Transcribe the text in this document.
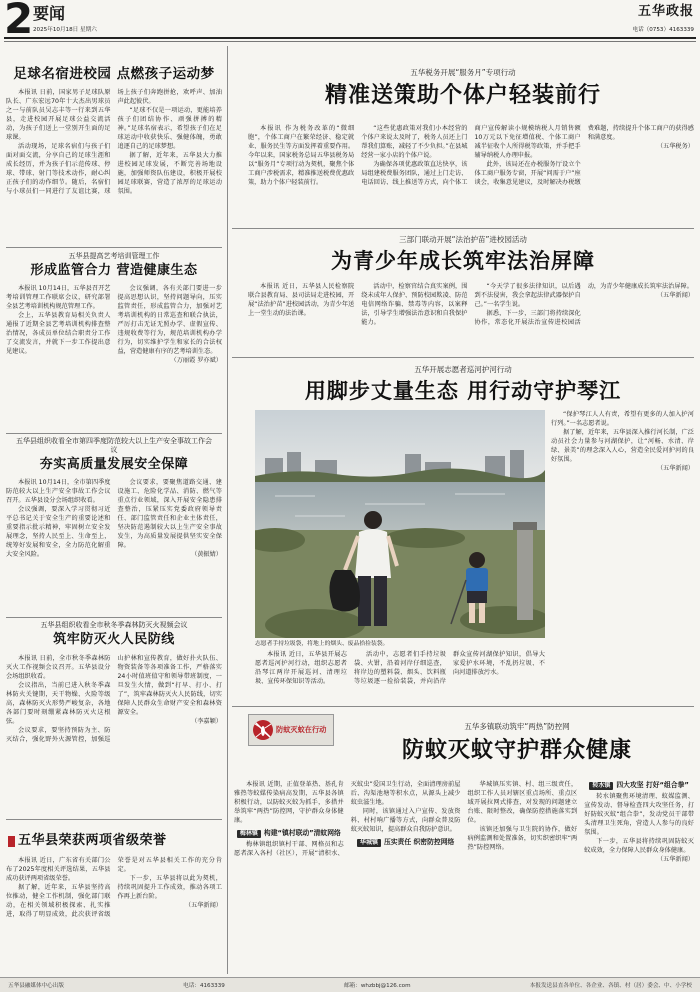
2 要闻
2025年10月18日 星期六
五华政报
电话（0753）4163339
足球名宿进校园 点燃孩子运动梦

本报讯 日前，国家男子足球队原队长、广东宏远70年十大杰出男球员之一与前队员吴志丰等一行来到五华县，走进校园开展足球公益交流活动，为孩子们送上一堂别开生面的足球课。

活动现场，足球名宿们与孩子们面对面交流，分享自己的足球生涯和成长经历，并为孩子们示范传球、停球、带球、射门等技术动作，耐心纠正孩子们的动作细节。随后，名宿们与小球员们一同进行了友谊比赛，球场上孩子们奔跑拼抢，欢呼声、加油声此起彼伏。

“足球不仅是一项运动，更能培养孩子们团结协作、顽强拼搏的精神。”足球名宿表示，希望孩子们在足球运动中收获快乐、强健体魄，勇敢追逐自己的足球梦想。

据了解，近年来，五华县大力推进校园足球发展，不断完善场地设施，加强师资队伍建设，积极开展校园足球联赛，营造了浓厚的足球运动氛围。

五华县提高艺考培训管理工作
形成监管合力 营造健康生态

本报讯 10月14日，五华县召开艺考培训管理工作联席会议，研究部署全县艺考培训机构规范管理工作。

会上，五华县教育局相关负责人通报了近期全县艺考培训机构排查整治情况，各成员单位结合职责分工作了交流发言，并就下一步工作提出意见建议。

会议强调，各有关部门要进一步提高思想认识，坚持问题导向，压实监管责任，形成监管合力，加强对艺考培训机构的日常巡查和联合执法，严厉打击无证无照办学、虚假宣传、违规收费等行为，规范培训机构办学行为，切实维护学生和家长的合法权益，营造健康有序的艺考培训生态。

（万丽霞 罗亦斌）

五华县组织收看全市第四季度防范较大以上生产安全事故工作会议
夯实高质量发展安全保障

本报讯 10月14日，全市第四季度防范较大以上生产安全事故工作会议召开。五华县设分会场组织收看。

会议强调，要深入学习贯彻习近平总书记关于安全生产的重要论述和重要指示批示精神，牢固树立安全发展理念，坚持人民至上、生命至上，统筹好发展和安全，全力防范化解重大安全风险。

会议要求，要聚焦道路交通、建设施工、危险化学品、消防、燃气等重点行业领域，深入开展安全隐患排查整治，压紧压实党委政府领导责任、部门监管责任和企业主体责任，坚决防范遏制较大以上生产安全事故发生，为高质量发展提供坚实安全保障。

（黄振婧）

五华县组织收看全市秋冬季森林防灭火视频会议
筑牢防灭火人民防线

本报讯 日前，全市秋冬季森林防灭火工作视频会议召开。五华县设分会场组织收看。

会议指出，当前已进入秋冬季森林防火关键期，天干物燥、火险等级高，森林防灭火形势严峻复杂，各地各部门要时刻绷紧森林防灭火这根弦。

会议要求，要坚持预防为主、防灭结合，强化野外火源管控，加强巡山护林和宣传教育，做好扑火队伍、物资装备等各项准备工作，严格落实24小时值班值守和领导带班制度，一旦发生火情，做到“打早、打小、打了”，筑牢森林防灭火人民防线，切实保障人民群众生命财产安全和森林资源安全。

（李嘉颖）

五华县荣获两项省级荣誉

本报讯 近日，广东省有关部门公布了2025年度相关评选结果，五华县成功获评两项省级荣誉。

据了解，近年来，五华县坚持高位推动，健全工作机制，强化部门联动，在相关领域积极探索、扎实推进，取得了明显成效，此次获评省级荣誉是对五华县相关工作的充分肯定。

下一步，五华县将以此为契机，持续巩固提升工作成效，推动各项工作再上新台阶。

（五华新闻）

五华税务开展“服务月”专项行动
精准送策助个体户轻装前行

本报讯 作为税务改革的“微细胞”，个体工商户在繁荣经济、稳定就业、服务民生等方面发挥着重要作用。今年以来，国家税务总局五华县税务局以“服务月”专项行动为契机，聚焦个体工商户涉税需求，精准推送税费优惠政策，助力个体户轻装前行。

“这些优惠政策对我们小本经营的个体户来说太及时了，税务人员还上门帮我们算账，减轻了不少负担。”在县城经营一家小店的个体户说。

为确保各项优惠政策直达快享，该局组建税费服务团队，通过上门走访、电话回访、线上推送等方式，向个体工商户宣传解读小规模纳税人月销售额10万元以下免征增值税、个体工商户减半征收个人所得税等政策，并手把手辅导纳税人办理申报。

此外，该局还在办税服务厅设立个体工商户服务专窗，开展“问需于户”座谈会，收集意见建议，及时解决办税缴费难题，持续提升个体工商户的获得感和满意度。

（五华税务）

三部门联动开展“法治护苗”进校园活动
为青少年成长筑牢法治屏障

本报讯 近日，五华县人民检察院联合县教育局、县司法局走进校园，开展“法治护苗”进校园活动，为青少年送上一堂生动的法治课。

活动中，检察官结合真实案例，围绕未成年人保护、预防校园欺凌、防范电信网络诈骗、禁毒等内容，以案释法，引导学生增强法治意识和自我保护能力。

“今天学了很多法律知识，以后遇到不法侵害，我会拿起法律武器保护自己。”一名学生说。

据悉，下一步，三部门将持续深化协作，常态化开展法治宣传进校园活动，为青少年健康成长筑牢法治屏障。

（五华新闻）

五华开展志愿者巡河护河行动
用脚步丈量生态 用行动守护琴江
志愿者手持垃圾袋，将地上的烟头、废品拾捡装袋。

本报讯 近日，五华县开展志愿者巡河护河行动，组织志愿者沿琴江两岸开展巡河、清理垃圾、宣传环保知识等活动。

活动中，志愿者们手持垃圾袋、火钳，沿着河岸仔细巡查，将岸边的塑料袋、烟头、饮料瓶等垃圾逐一捡拾装袋，并向沿岸群众宣传河湖保护知识，倡导大家爱护水环境，不乱扔垃圾、不向河道排放污水。

“保护琴江人人有责，希望有更多的人加入护河行列。”一名志愿者说。

据了解，近年来，五华县深入推行河长制，广泛动员社会力量参与河湖保护，让“河畅、水清、岸绿、景美”的理念深入人心，营造全民爱河护河的良好氛围。

（五华新闻）

防蚊灭蚊在行动	五华多镇联动筑牢“两热”防控网
防蚊灭蚊守护群众健康

本报讯 近期，正值登革热、基孔肯雅热等蚊媒传染病高发期，五华县各镇积极行动，以防蚊灭蚊为抓手，多措并举筑牢“两热”防控网，守护群众身体健康。

梅林镇 构建“镇村联动”清蚊网络

梅林镇组织镇村干部、网格员和志愿者深入各村（社区），开展“清积水、灭蚊虫”爱国卫生行动，全面清理房前屋后、沟渠池塘等积水点，从源头上减少蚊虫滋生地。

同时，该镇通过入户宣传、发放资料、村村响广播等方式，向群众普及防蚊灭蚊知识，提高群众自我防护意识。

华城镇 压实责任 织密防控网络

华城镇压实镇、村、组三级责任，组织工作人员对辖区重点场所、重点区域开展拉网式排查，对发现的问题建立台账、限时整改，确保防控措施落实到位。

该镇还加强与卫生院的协作，做好病例监测和处置准备，切实织密织牢“两热”防控网络。

转水镇 四大攻坚 打好“组合拳”

转水镇聚焦环境清理、蚊媒监测、宣传发动、督导检查四大攻坚任务，打好防蚊灭蚊“组合拳”，发动党员干部带头清理卫生死角，营造人人参与的良好氛围。

下一步，五华县将持续巩固防蚊灭蚊成效，全力保障人民群众身体健康。

（五华新闻）

五华县融媒体中心出版	电话：4163339	邮箱：whzbbj@126.com	本报发送县直各单位、各企业、各镇、村（居）委会、中、小学校
